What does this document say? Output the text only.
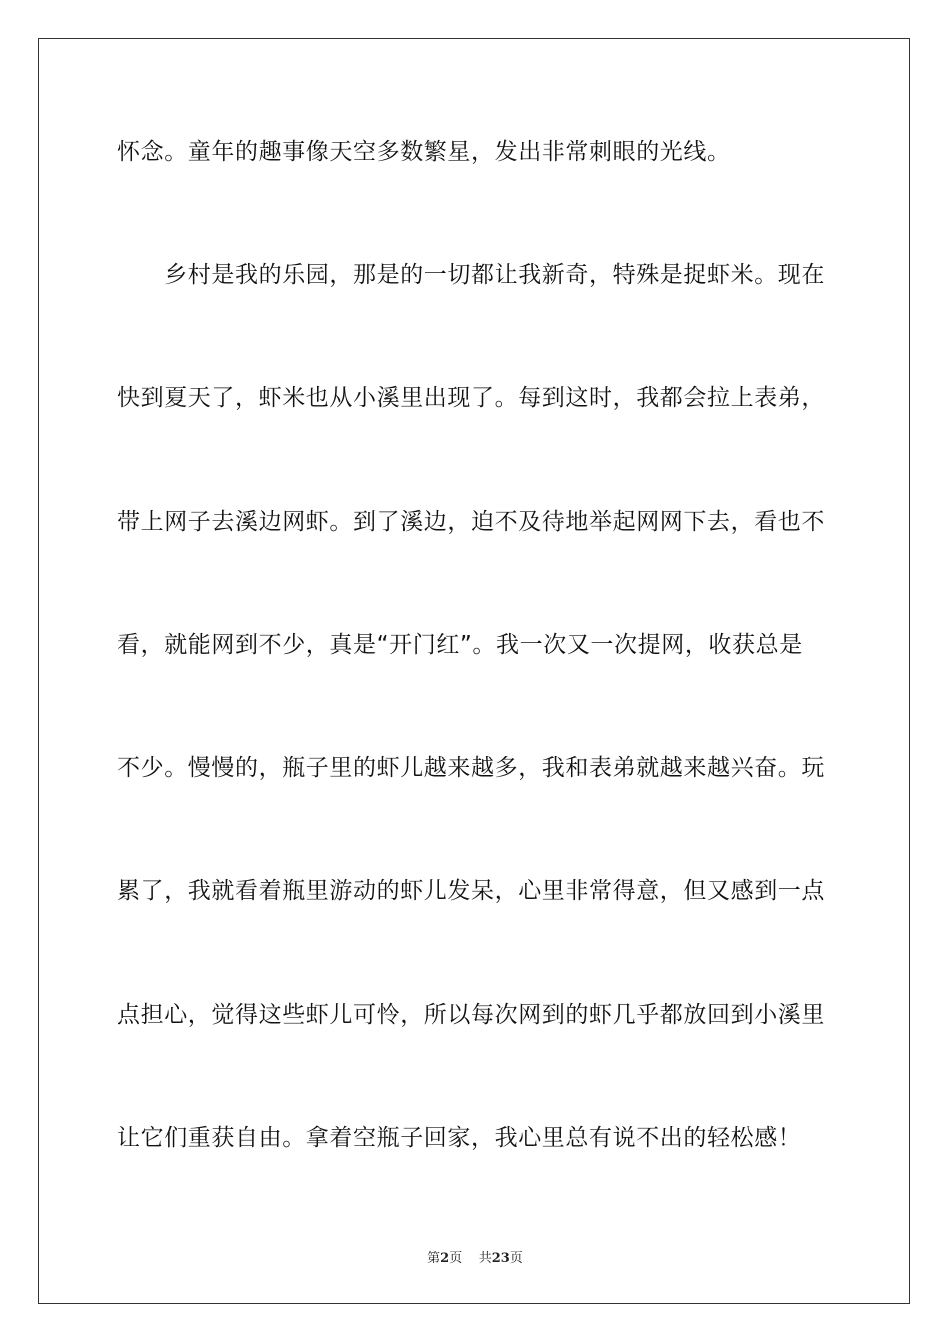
怀念。童年的趣事像天空多数繁星，发出非常刺眼的光线。
　　乡村是我的乐园，那是的一切都让我新奇，特殊是捉虾米。现在
快到夏天了，虾米也从小溪里出现了。每到这时，我都会拉上表弟，
带上网子去溪边网虾。到了溪边，迫不及待地举起网网下去，看也不
看，就能网到不少，真是“开门红”。我一次又一次提网，收获总是
不少。慢慢的，瓶子里的虾儿越来越多，我和表弟就越来越兴奋。玩
累了，我就看着瓶里游动的虾儿发呆，心里非常得意，但又感到一点
点担心，觉得这些虾儿可怜，所以每次网到的虾几乎都放回到小溪里
让它们重获自由。拿着空瓶子回家，我心里总有说不出的轻松感！
第2页 共23页
